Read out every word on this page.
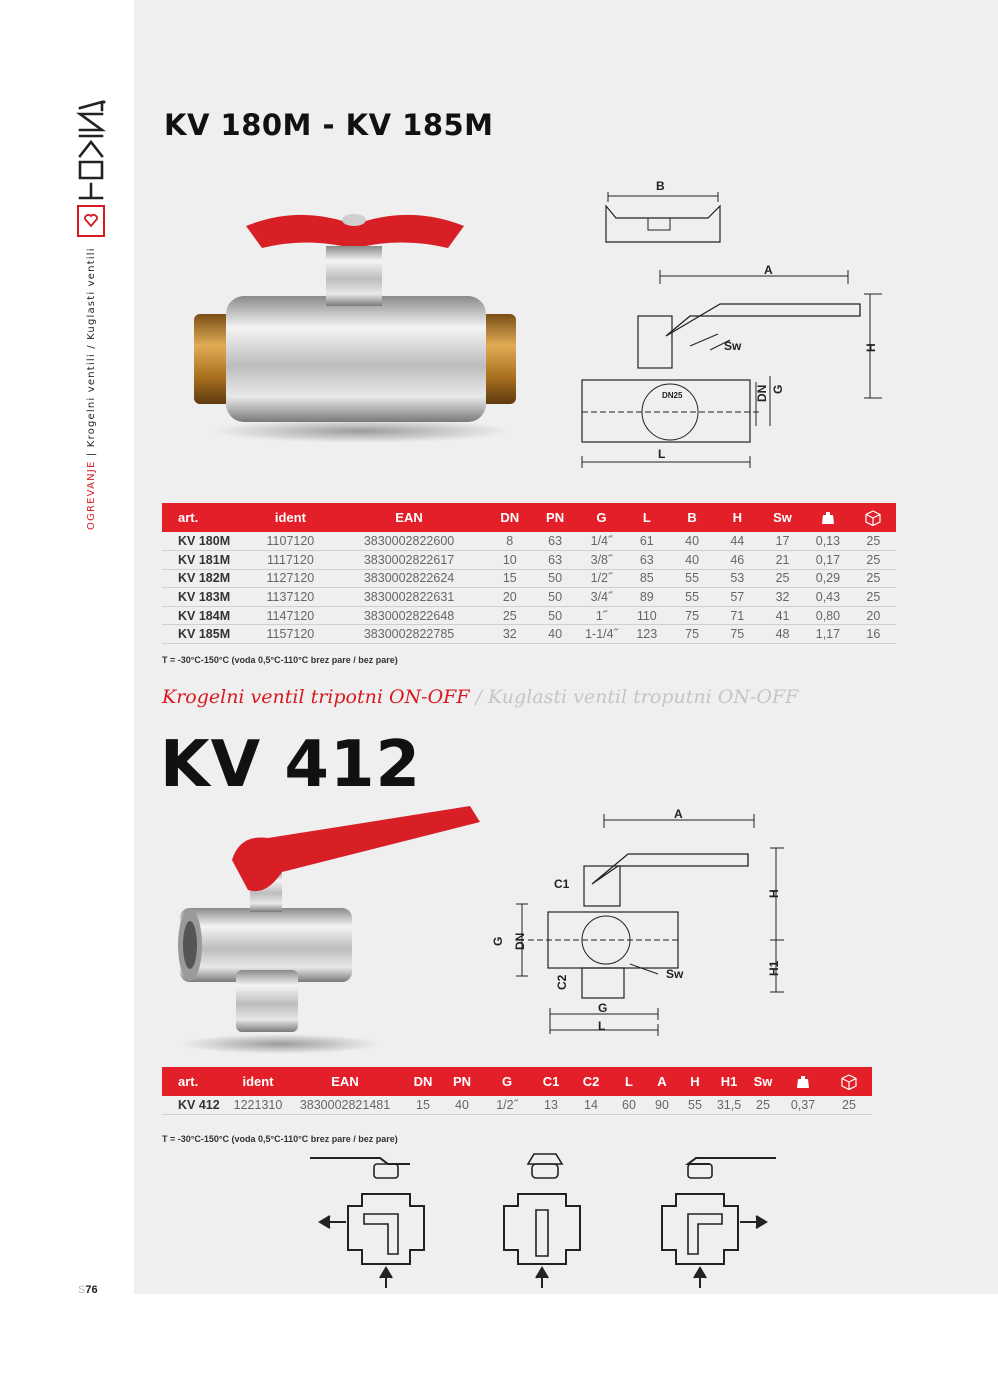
OGREVANJE | Krogelni ventili / Kuglasti ventili
S76
KV 180M - KV 185M
B
A
H
Sw
DN G
L
DN25
art.	ident	EAN	DN	PN	G	L	B	H	Sw		
KV 180M	1107120	3830002822600	8	63	1/4˝	61	40	44	17	0,13	25
KV 181M	1117120	3830002822617	10	63	3/8˝	63	40	46	21	0,17	25
KV 182M	1127120	3830002822624	15	50	1/2˝	85	55	53	25	0,29	25
KV 183M	1137120	3830002822631	20	50	3/4˝	89	55	57	32	0,43	25
KV 184M	1147120	3830002822648	25	50	1˝	110	75	71	41	0,80	20
KV 185M	1157120	3830002822785	32	40	1-1/4˝	123	75	75	48	1,17	16
T = -30°C-150°C (voda 0,5°C-110°C brez pare / bez pare)
Krogelni ventil tripotni ON-OFF / Kuglasti ventil troputni ON-OFF
KV 412
A
H
H1
C1
C2
G DN
G
L
Sw
art.	ident	EAN	DN	PN	G	C1	C2	L	A	H	H1	Sw		
KV 412	1221310	3830002821481	15	40	1/2˝	13	14	60	90	55	31,5	25	0,37	25
T = -30°C-150°C (voda 0,5°C-110°C brez pare / bez pare)
